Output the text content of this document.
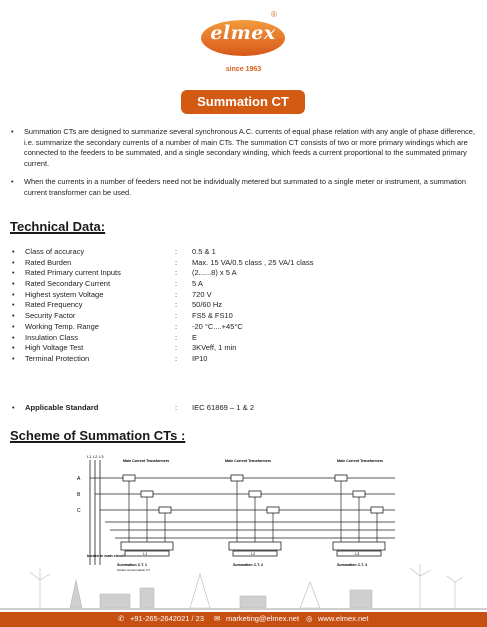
elmex
®
since 1963
Summation CT

• Summation CTs are designed to summarize several synchronous A.C. currents of equal phase relation with any angle of phase difference, i.e. summarize the secondary currents of a number of main CTs. The summation CT consists of two or more primary windings which are connected to the feeders to be summated, and a single secondary winding, which feeds a current proportional to the summated primary current.

• When the currents in a number of feeders need not be individually metered but summated to a single meter or instrument, a summation current transformer can be used.

Technical Data:
• Class of accuracy	: 0.5 & 1
• Rated Burden	: Max. 15 VA/0.5 class , 25 VA/1 class
• Rated Primary current Inputs	: (2......8) x 5 A
• Rated Secondary Current	: 5 A
• Highest system Voltage	: 720 V
• Rated Frequency	: 50/60 Hz
• Security Factor	: FS5 & FS10
• Working Temp. Range	: -20 °C....+45°C
• Insulation Class	: E
• High Voltage Test	: 3KVeff, 1 min
• Terminal Protection	: IP10
• Applicable Standard	: IEC 61869 – 1 & 2
Scheme of Summation CTs :
L1 L2 L3
A
B
C
Main Current Transformers
L1
Summation C.T. 1
burden at summation CT
burden in main circuit
Main Current Transformers
L2
Summation C.T. 2
Main Current Transformers
L3
Summation C.T. 3
✆ +91-265-2642021 / 23 ✉ marketing@elmex.net ◎ www.elmex.net
